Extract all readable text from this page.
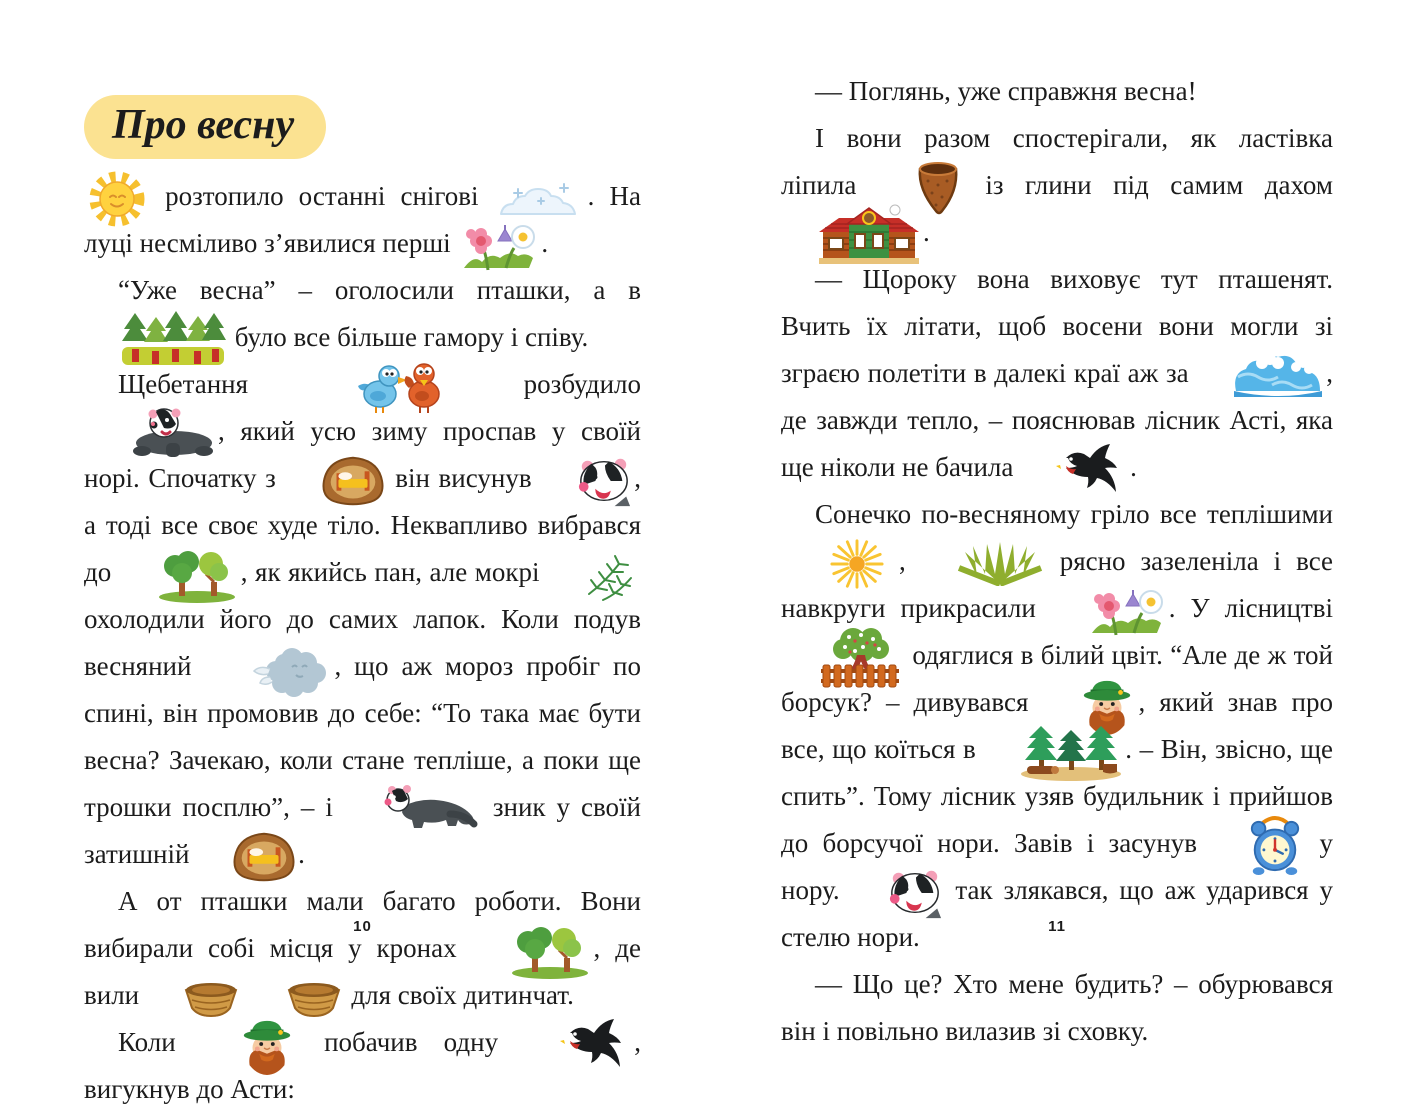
Про весну

розтопило останні снігові	. На луці несміливо з’явилися перші	.

“Уже весна” – оголосили пташки, а в  було все більше гамору і співу.

Щебетання	розбудило , який усю зиму проспав у своїй норі. Спочатку з	він висунув	, а тоді все своє худе тіло. Неквапливо вибрався до	, як якийсь пан, але мокрі  охолодили його до самих лапок. Коли подув весняний	, що аж мороз пробіг по спині, він промовив до себе: “То така має бути весна? Зачекаю, коли стане тепліше, а поки ще трошки посплю”, – і	зник у своїй затишній	.

А от пташки мали багато роботи. Вони вибирали собі місця у кронах	, де вили	для своїх дитинчат.

Коли	побачив одну	, вигукнув до Асти:

— Поглянь, уже справжня весна!

І вони разом спостерігали, як ластівка ліпила	із глини під самим дахом .

— Щороку вона виховує тут пташенят. Вчить їх літати, щоб восени вони могли зі зграєю полетіти в далекі краї аж за	, де завжди тепло, – пояснював лісник Асті, яка ще ніколи не бачила	.

Сонечко по-весняному гріло все теплішими ,	рясно зазеленіла і все навкруги прикрасили	. У лісництві  одяглися в білий цвіт. “Але де ж той борсук? – дивувався	, який знав про все, що коїться в	. – Він, звісно, ще спить”. Тому лісник узяв будильник і прийшов до борсучої нори. Завів і засунув	у нору.	так злякався, що аж ударився у стелю нори.

— Що це? Хто мене будить? – обурювався він і повільно вилазив зі сховку.

10	11
